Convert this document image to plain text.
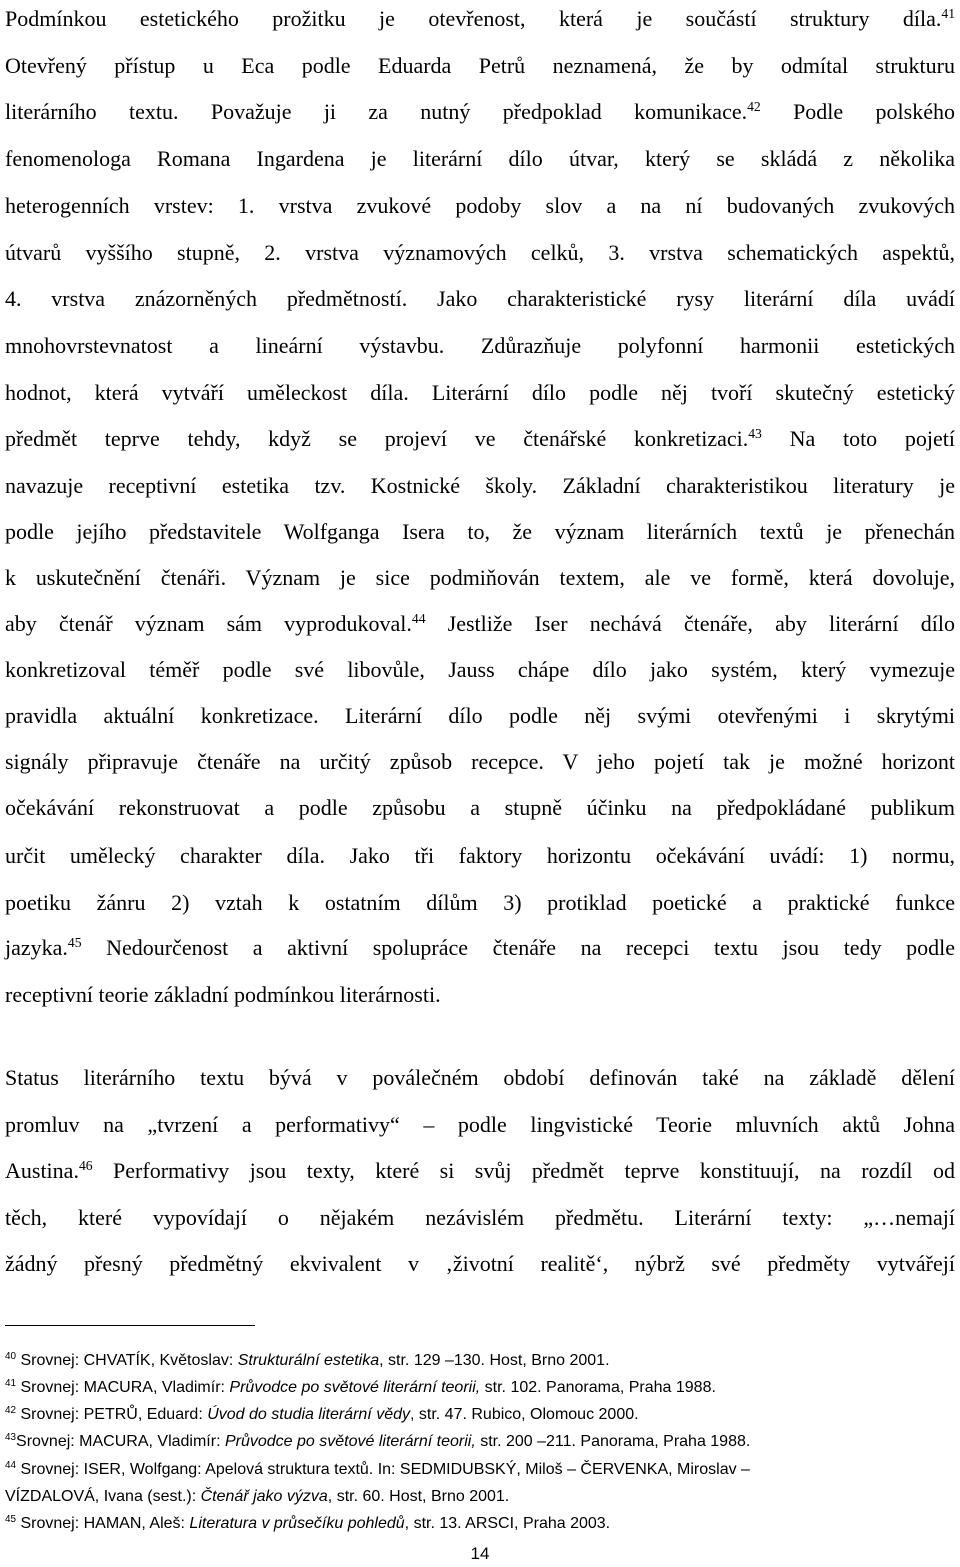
Podmínkou estetického prožitku je otevřenost, která je součástí struktury díla.$^{41}$
Otevřený přístup u Eca podle Eduarda Petrů neznamená, že by odmítal strukturu
literárního textu. Považuje ji za nutný předpoklad komunikace.$^{42}$ Podle polského
fenomenologa Romana Ingardena je literární dílo útvar, který se skládá z několika
heterogenních vrstev: 1. vrstva zvukové podoby slov a na ní budovaných zvukových
útvarů vyššího stupně, 2. vrstva významových celků, 3. vrstva schematických aspektů,
4. vrstva znázorněných předmětností. Jako charakteristické rysy literární díla uvádí
mnohovrstevnatost a lineární výstavbu. Zdůrazňuje polyfonní harmonii estetických
hodnot, která vytváří uměleckost díla. Literární dílo podle něj tvoří skutečný estetický
předmět teprve tehdy, když se projeví ve čtenářské konkretizaci.$^{43}$ Na toto pojetí
navazuje receptivní estetika tzv. Kostnické školy. Základní charakteristikou literatury je
podle jejího představitele Wolfganga Isera to, že význam literárních textů je přenechán
k uskutečnění čtenáři. Význam je sice podmiňován textem, ale ve formě, která dovoluje,
aby čtenář význam sám vyprodukoval.$^{44}$ Jestliže Iser nechává čtenáře, aby literární dílo
konkretizoval téměř podle své libovůle, Jauss chápe dílo jako systém, který vymezuje
pravidla aktuální konkretizace. Literární dílo podle něj svými otevřenými i skrytými
signály připravuje čtenáře na určitý způsob recepce. V jeho pojetí tak je možné horizont
očekávání rekonstruovat a podle způsobu a stupně účinku na předpokládané publikum
určit umělecký charakter díla. Jako tři faktory horizontu očekávání uvádí: 1) normu,
poetiku žánru 2) vztah k ostatním dílům 3) protiklad poetické a praktické funkce
jazyka.$^{45}$ Nedourčenost a aktivní spolupráce čtenáře na recepci textu jsou tedy podle
receptivní teorie základní podmínkou literárnosti.
Status literárního textu bývá v poválečném období definován také na základě dělení
promluv na „tvrzení a performativy“ – podle lingvistické Teorie mluvních aktů Johna
Austina.$^{46}$ Performativy jsou texty, které si svůj předmět teprve konstituují, na rozdíl od
těch, které vypovídají o nějakém nezávislém předmětu. Literární texty: „…nemají
žádný přesný předmětný ekvivalent v ‚životní realitě‘, nýbrž své předměty vytvářejí
$^{40}$ Srovnej: CHVATÍK, Květoslav: Strukturální estetika, str. 129 –130. Host, Brno 2001.
$^{41}$ Srovnej: MACURA, Vladimír: Průvodce po světové literární teorii, str. 102. Panorama, Praha 1988.
$^{42}$ Srovnej: PETRŮ, Eduard: Úvod do studia literární vědy, str. 47. Rubico, Olomouc 2000.
$^{43}$Srovnej: MACURA, Vladimír: Průvodce po světové literární teorii, str. 200 –211. Panorama, Praha 1988.
$^{44}$ Srovnej: ISER, Wolfgang: Apelová struktura textů. In: SEDMIDUBSKÝ, Miloš – ČERVENKA, Miroslav –
VÍZDALOVÁ, Ivana (sest.): Čtenář jako výzva, str. 60. Host, Brno 2001.
$^{45}$ Srovnej: HAMAN, Aleš: Literatura v průsečíku pohledů, str. 13. ARSCI, Praha 2003.
14
